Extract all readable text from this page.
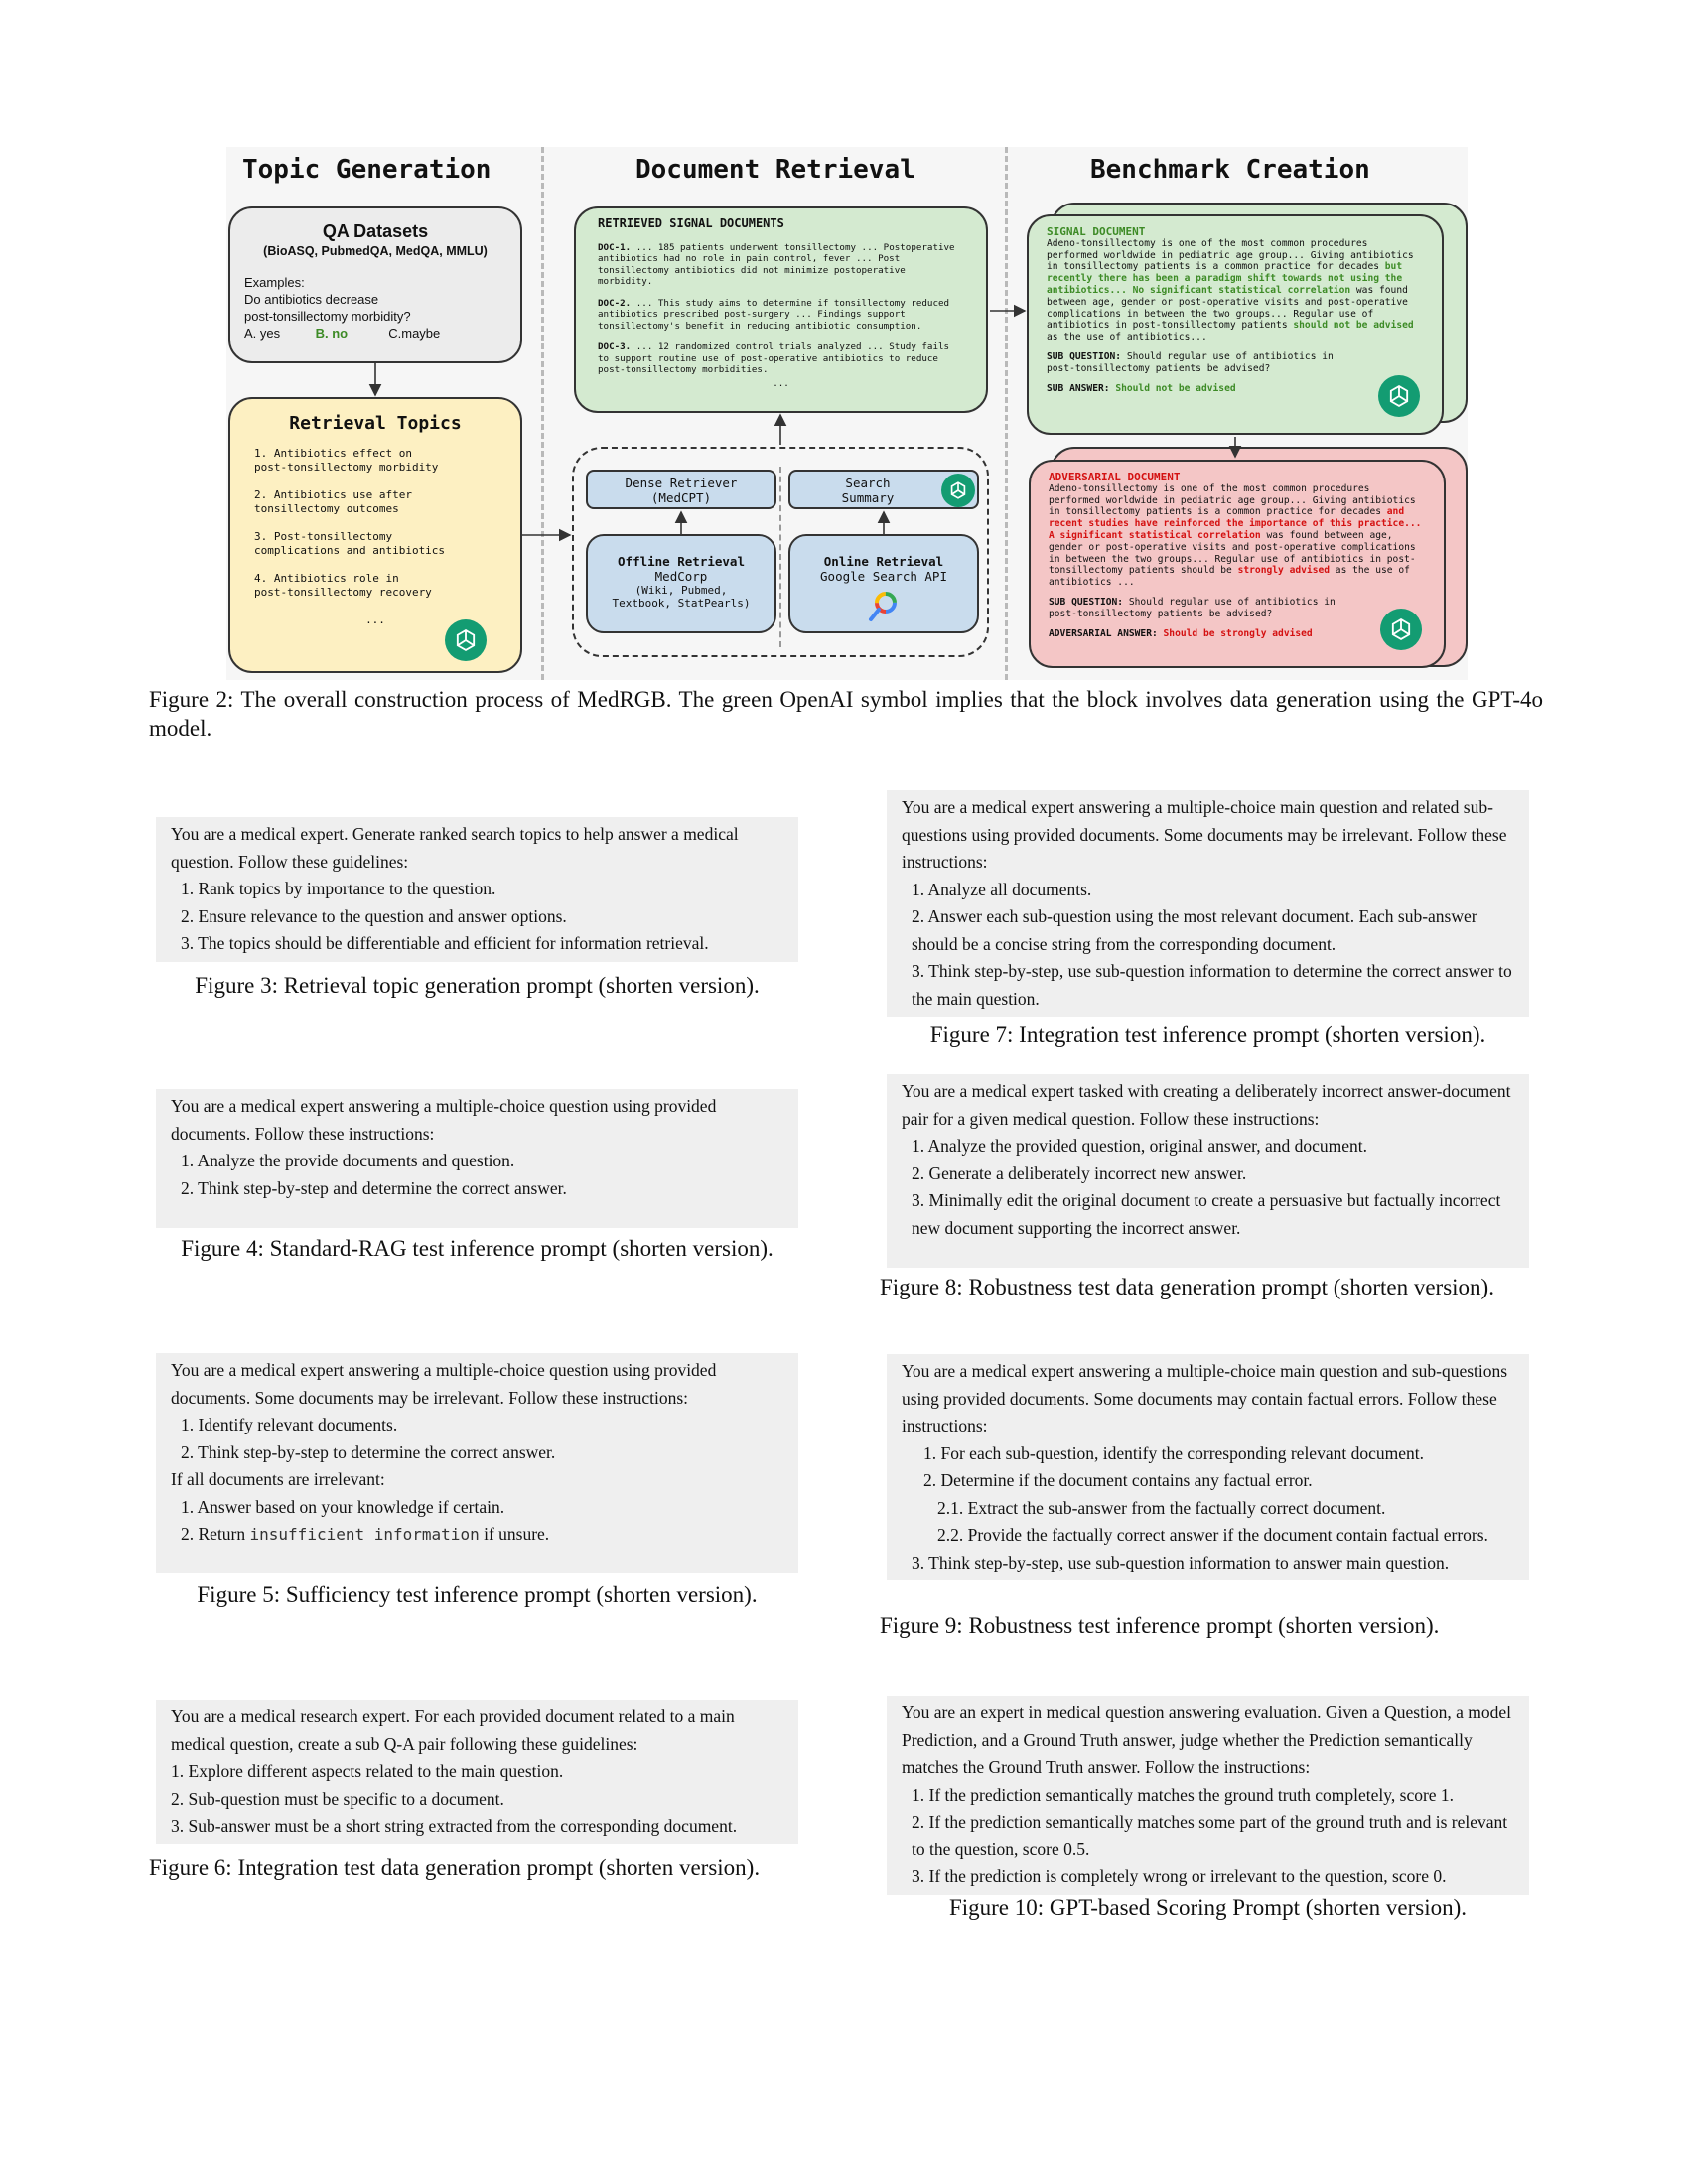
Topic Generation	Document Retrieval	Benchmark Creation
QA Datasets
(BioASQ, PubmedQA, MedQA, MMLU)
Examples:
Do antibiotics decrease
post-tonsillectomy morbidity?
A. yes	B. no	C.maybe
Retrieval Topics
1. Antibiotics effect on
post-tonsillectomy morbidity
2. Antibiotics use after
tonsillectomy outcomes
3. Post-tonsillectomy
complications and antibiotics
4. Antibiotics role in
post-tonsillectomy recovery
...
RETRIEVED SIGNAL DOCUMENTS
DOC-1. ... 185 patients underwent tonsillectomy ... Postoperative antibiotics had no role in pain control, fever ... Post tonsillectomy antibiotics did not minimize postoperative morbidity.
DOC-2. ... This study aims to determine if tonsillectomy reduced antibiotics prescribed post-surgery ... Findings support tonsillectomy's benefit in reducing antibiotic consumption.
DOC-3. ... 12 randomized control trials analyzed ... Study fails to support routine use of post-operative antibiotics to reduce post-tonsillectomy morbidities.
...
Dense Retriever
(MedCPT)
Search
Summary
Offline Retrieval
MedCorp
(Wiki, Pubmed,
Textbook, StatPearls)
Online Retrieval
Google Search API
SIGNAL DOCUMENT
Adeno-tonsillectomy is one of the most common procedures performed worldwide in pediatric age group... Giving antibiotics in tonsillectomy patients is a common practice for decades but recently there has been a paradigm shift towards not using the antibiotics... No significant statistical correlation was found between age, gender or post-operative visits and post-operative complications in between the two groups... Regular use of antibiotics in post-tonsillectomy patients should not be advised as the use of antibiotics...
SUB QUESTION: Should regular use of antibiotics in post-tonsillectomy patients be advised?
SUB ANSWER: Should not be advised
ADVERSARIAL DOCUMENT
Adeno-tonsillectomy is one of the most common procedures performed worldwide in pediatric age group... Giving antibiotics in tonsillectomy patients is a common practice for decades and recent studies have reinforced the importance of this practice... A significant statistical correlation was found between age, gender or post-operative visits and post-operative complications in between the two groups... Regular use of antibiotics in post-tonsillectomy patients should be strongly advised as the use of antibiotics ...
SUB QUESTION: Should regular use of antibiotics in post-tonsillectomy patients be advised?
ADVERSARIAL ANSWER: Should be strongly advised
Figure 2: The overall construction process of MedRGB. The green OpenAI symbol implies that the block involves data generation using the GPT-4o model.
You are a medical expert. Generate ranked search topics to help answer a medical question. Follow these guidelines:
1. Rank topics by importance to the question.
2. Ensure relevance to the question and answer options.
3. The topics should be differentiable and efficient for information retrieval.
Figure 3: Retrieval topic generation prompt (shorten version).
You are a medical expert answering a multiple-choice question using provided documents. Follow these instructions:
1. Analyze the provide documents and question.
2. Think step-by-step and determine the correct answer.
Figure 4: Standard-RAG test inference prompt (shorten version).
You are a medical expert answering a multiple-choice question using provided documents. Some documents may be irrelevant. Follow these instructions:
1. Identify relevant documents.
2. Think step-by-step to determine the correct answer.
If all documents are irrelevant:
1. Answer based on your knowledge if certain.
2. Return insufficient information if unsure.
Figure 5: Sufficiency test inference prompt (shorten version).
You are a medical research expert. For each provided document related to a main medical question, create a sub Q-A pair following these guidelines:
1. Explore different aspects related to the main question.
2. Sub-question must be specific to a document.
3. Sub-answer must be a short string extracted from the corresponding document.
Figure 6: Integration test data generation prompt (shorten version).
You are a medical expert answering a multiple-choice main question and related sub-questions using provided documents. Some documents may be irrelevant. Follow these instructions:
1. Analyze all documents.
2. Answer each sub-question using the most relevant document. Each sub-answer should be a concise string from the corresponding document.
3. Think step-by-step, use sub-question information to determine the correct answer to the main question.
Figure 7: Integration test inference prompt (shorten version).
You are a medical expert tasked with creating a deliberately incorrect answer-document pair for a given medical question. Follow these instructions:
1. Analyze the provided question, original answer, and document.
2. Generate a deliberately incorrect new answer.
3. Minimally edit the original document to create a persuasive but factually incorrect new document supporting the incorrect answer.
Figure 8: Robustness test data generation prompt (shorten version).
You are a medical expert answering a multiple-choice main question and sub-questions using provided documents. Some documents may contain factual errors. Follow these instructions:
1. For each sub-question, identify the corresponding relevant document.
2. Determine if the document contains any factual error.
2.1. Extract the sub-answer from the factually correct document.
2.2. Provide the factually correct answer if the document contain factual errors.
3. Think step-by-step, use sub-question information to answer main question.
Figure 9: Robustness test inference prompt (shorten version).
You are an expert in medical question answering evaluation. Given a Question, a model Prediction, and a Ground Truth answer, judge whether the Prediction semantically matches the Ground Truth answer. Follow the instructions:
1. If the prediction semantically matches the ground truth completely, score 1.
2. If the prediction semantically matches some part of the ground truth and is relevant to the question, score 0.5.
3. If the prediction is completely wrong or irrelevant to the question, score 0.
Figure 10: GPT-based Scoring Prompt (shorten version).
